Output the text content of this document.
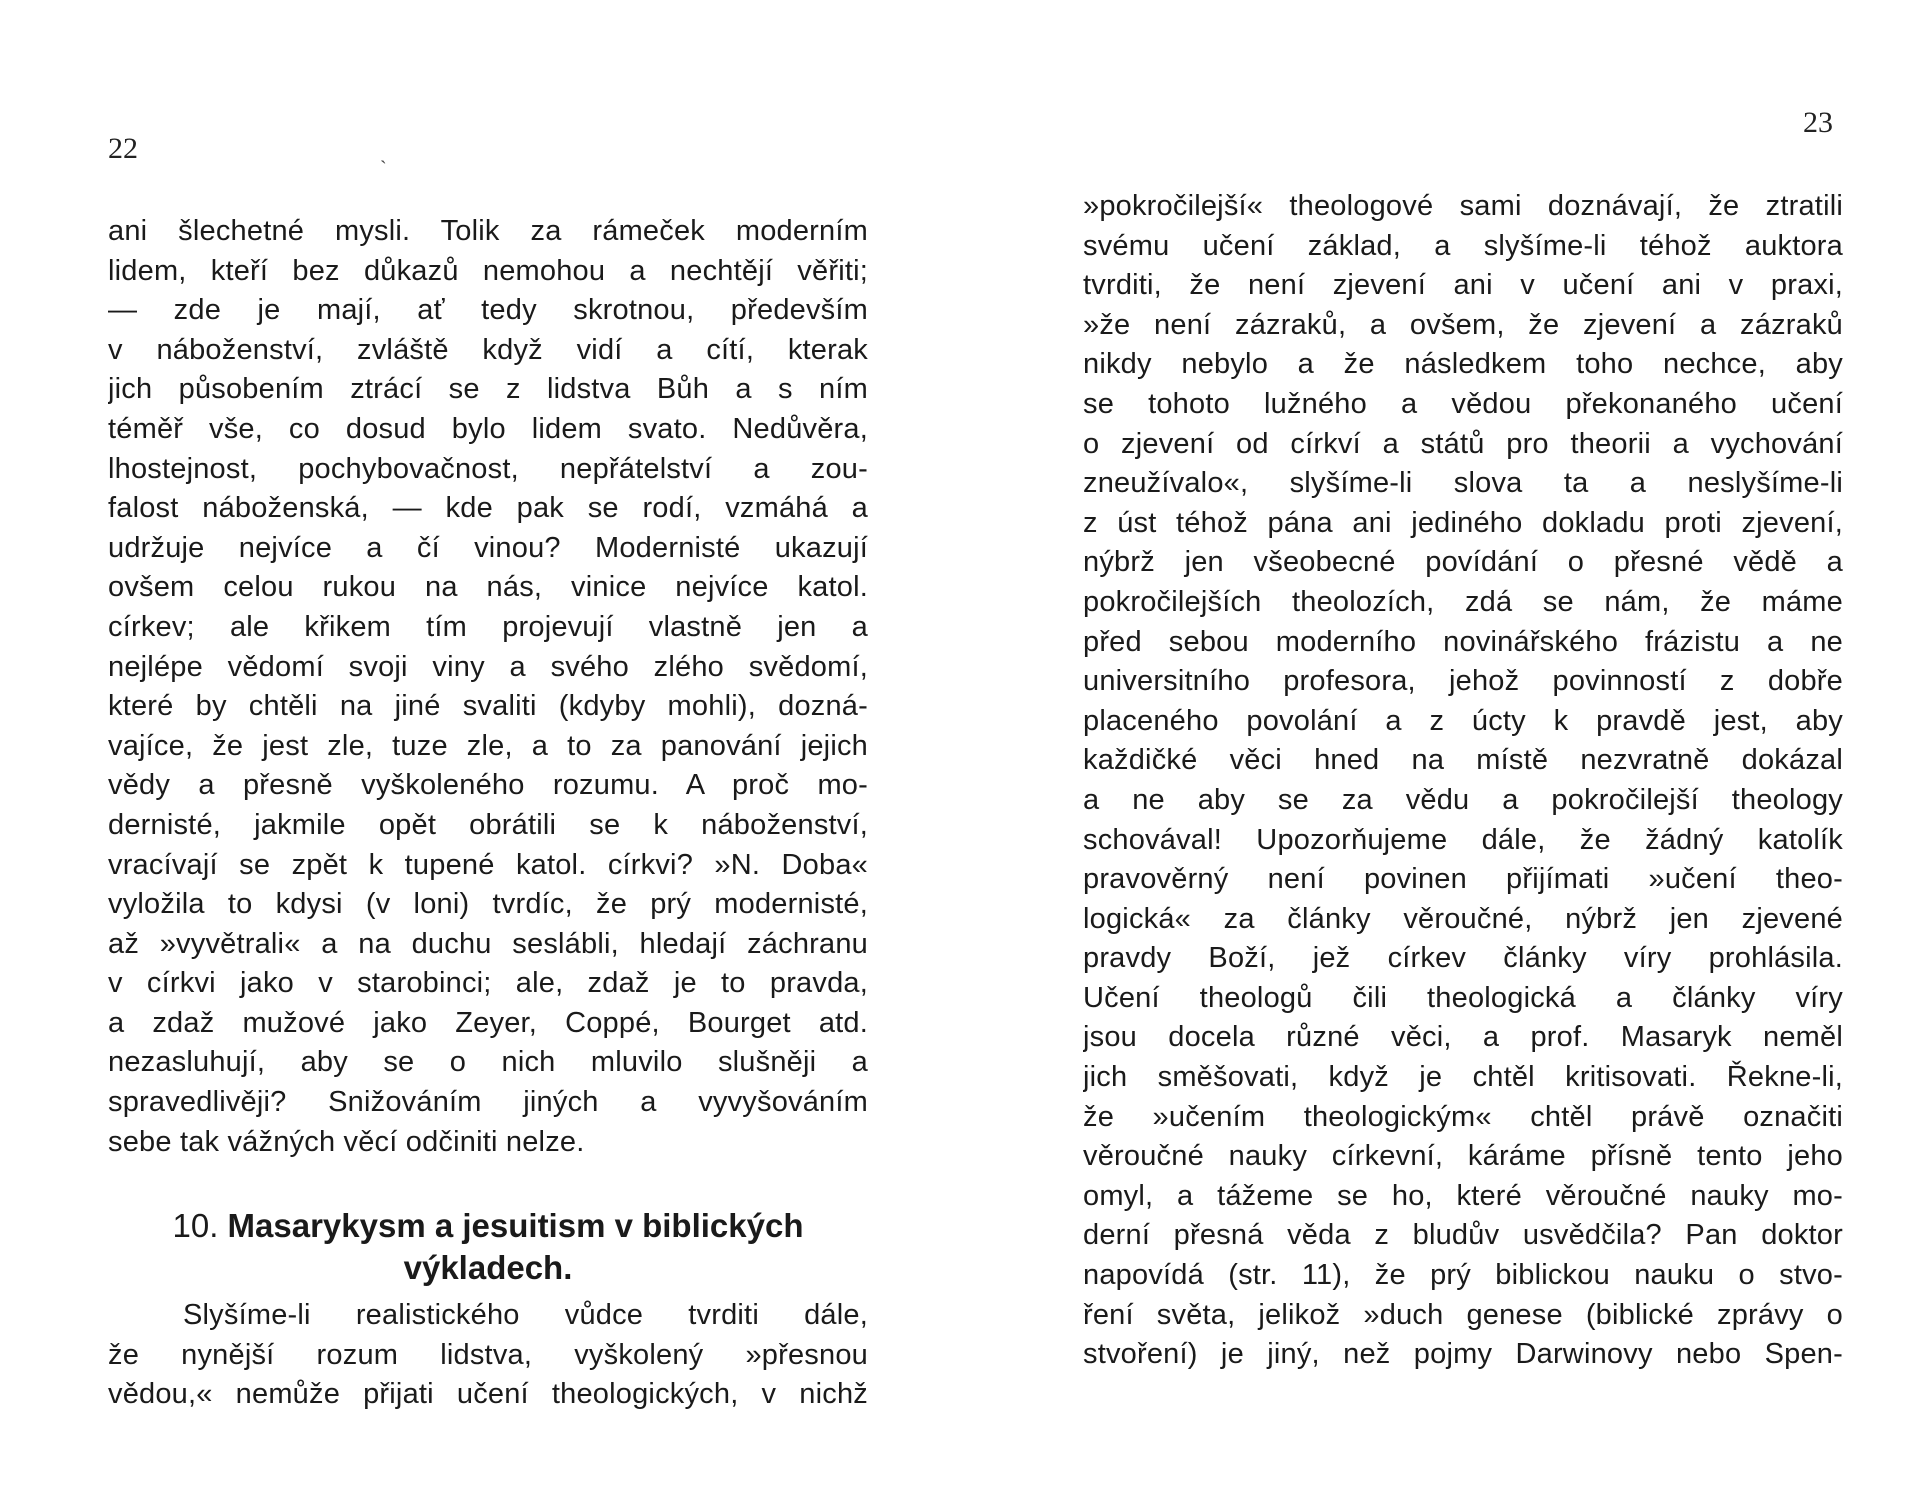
22	ˎ
23
ani šlechetné mysli. Tolik za rámeček moderním
lidem, kteří bez důkazů nemohou a nechtějí věřiti;
— zde je mají, ať tedy skrotnou, především
v náboženství, zvláště když vidí a cítí, kterak
jich působením ztrácí se z lidstva Bůh a s ním
téměř vše, co dosud bylo lidem svato. Nedůvěra,
lhostejnost, pochybovačnost, nepřátelství a zou-
falost náboženská, — kde pak se rodí, vzmáhá a
udržuje nejvíce a čí vinou? Modernisté ukazují
ovšem celou rukou na nás, vinice nejvíce katol.
církev; ale křikem tím projevují vlastně jen a
nejlépe vědomí svoji viny a svého zlého svědomí,
které by chtěli na jiné svaliti (kdyby mohli), dozná-
vajíce, že jest zle, tuze zle, a to za panování jejich
vědy a přesně vyškoleného rozumu. A proč mo-
dernisté, jakmile opět obrátili se k náboženství,
vracívají se zpět k tupené katol. církvi? »N. Doba«
vyložila to kdysi (v loni) tvrdíc, že prý modernisté,
až »vyvětrali« a na duchu seslábli, hledají záchranu
v církvi jako v starobinci; ale, zdaž je to pravda,
a zdaž mužové jako Zeyer, Coppé, Bourget atd.
nezasluhují, aby se o nich mluvilo slušněji a
spravedlivěji? Snižováním jiných a vyvyšováním
sebe tak vážných věcí odčiniti nelze.
10. Masarykysm a jesuitism v biblických
výkladech.
Slyšíme-li realistického vůdce tvrditi dále,
že nynější rozum lidstva, vyškolený »přesnou
vědou,« nemůže přijati učení theologických, v nichž
»pokročilejší« theologové sami doznávají, že ztratili
svému učení základ, a slyšíme-li téhož auktora
tvrditi, že není zjevení ani v učení ani v praxi,
»že není zázraků, a ovšem, že zjevení a zázraků
nikdy nebylo a že následkem toho nechce, aby
se tohoto lužného a vědou překonaného učení
o zjevení od církví a států pro theorii a vychování
zneužívalo«, slyšíme-li slova ta a neslyšíme-li
z úst téhož pána ani jediného dokladu proti zjevení,
nýbrž jen všeobecné povídání o přesné vědě a
pokročilejších theolozích, zdá se nám, že máme
před sebou moderního novinářského frázistu a ne
universitního profesora, jehož povinností z dobře
placeného povolání a z úcty k pravdě jest, aby
každičké věci hned na místě nezvratně dokázal
a ne aby se za vědu a pokročilejší theology
schovával! Upozorňujeme dále, že žádný katolík
pravověrný není povinen přijímati »učení theo-
logická« za články věroučné, nýbrž jen zjevené
pravdy Boží, jež církev články víry prohlásila.
Učení theologů čili theologická a články víry
jsou docela různé věci, a prof. Masaryk neměl
jich směšovati, když je chtěl kritisovati. Řekne-li,
že »učením theologickým« chtěl právě označiti
věroučné nauky církevní, káráme přísně tento jeho
omyl, a tážeme se ho, které věroučné nauky mo-
derní přesná věda z bludův usvědčila? Pan doktor
napovídá (str. 11), že prý biblickou nauku o stvo-
ření světa, jelikož »duch genese (biblické zprávy o
stvoření) je jiný, než pojmy Darwinovy nebo Spen-
